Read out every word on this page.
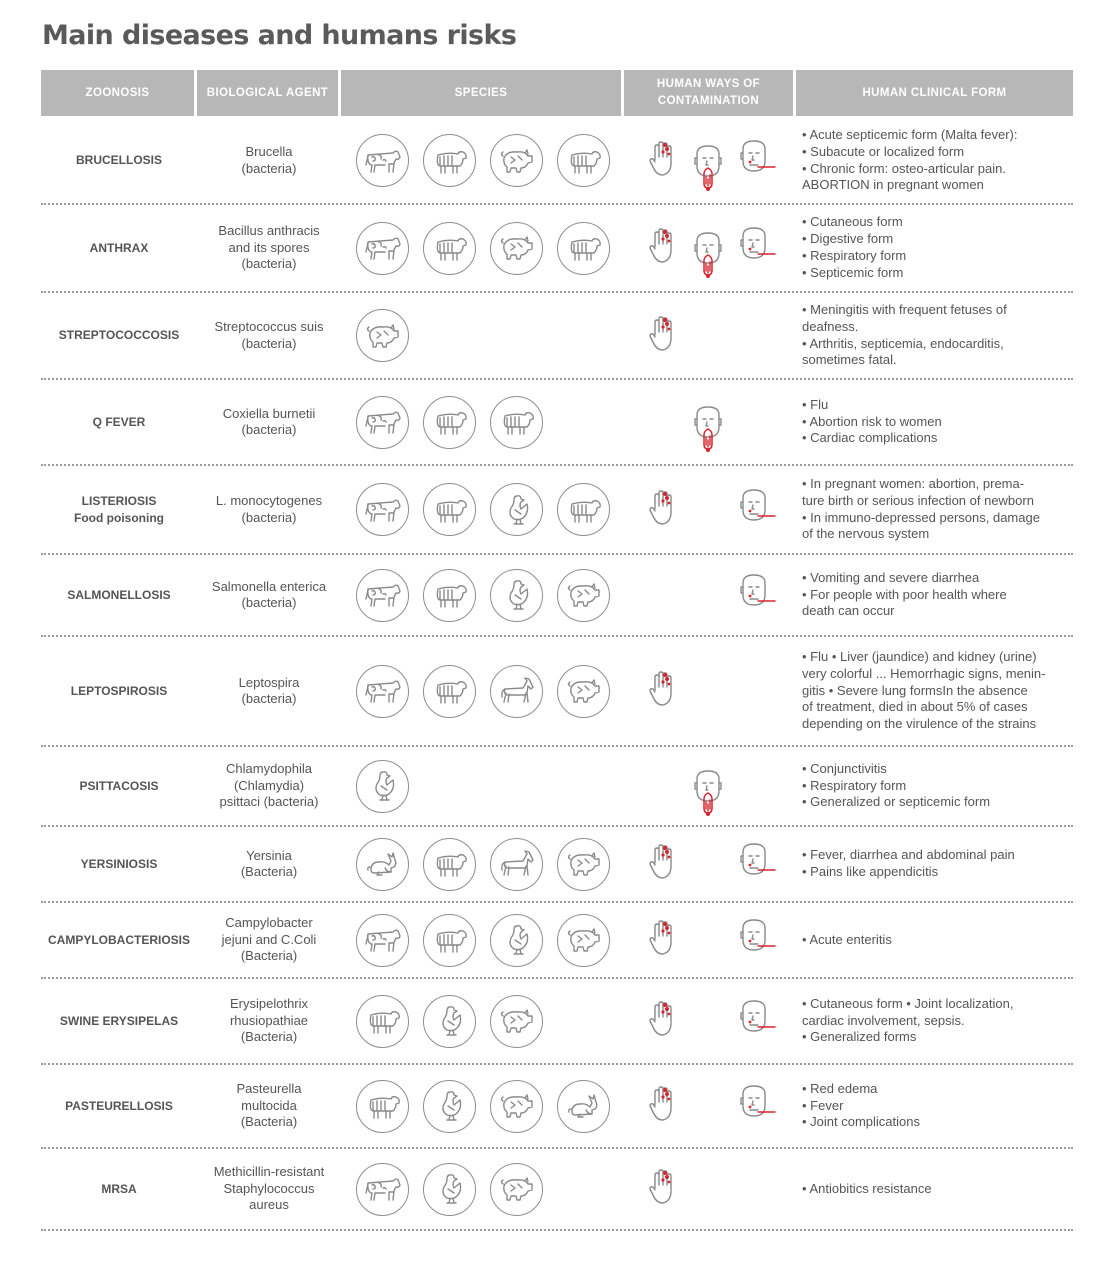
Main diseases and humans risks
ZOONOSIS	BIOLOGICAL AGENT	SPECIES
HUMAN WAYS OF
CONTAMINATION
HUMAN CLINICAL FORM
BRUCELLOSIS
Brucella
(bacteria)
• Acute septicemic form (Malta fever):
• Subacute or localized form
• Chronic form: osteo-articular pain.
ABORTION in pregnant women
ANTHRAX
Bacillus anthracis
and its spores
(bacteria)
• Cutaneous form
• Digestive form
• Respiratory form
• Septicemic form
STREPTOCOCCOSIS
Streptococcus suis
(bacteria)
• Meningitis with frequent fetuses of
deafness.
• Arthritis, septicemia, endocarditis,
sometimes fatal.
Q FEVER
Coxiella burnetii
(bacteria)
• Flu
• Abortion risk to women
• Cardiac complications
LISTERIOSIS
Food poisoning
L. monocytogenes
(bacteria)
• In pregnant women: abortion, prema-
ture birth or serious infection of newborn
• In immuno-depressed persons, damage
of the nervous system
SALMONELLOSIS
Salmonella enterica
(bacteria)
• Vomiting and severe diarrhea
• For people with poor health where
death can occur
LEPTOSPIROSIS
Leptospira
(bacteria)
• Flu • Liver (jaundice) and kidney (urine)
very colorful ... Hemorrhagic signs, menin-
gitis • Severe lung formsIn the absence
of treatment, died in about 5% of cases
depending on the virulence of the strains
PSITTACOSIS
Chlamydophila
(Chlamydia)
psittaci (bacteria)
• Conjunctivitis
• Respiratory form
• Generalized or septicemic form
YERSINIOSIS
Yersinia
(Bacteria)
• Fever, diarrhea and abdominal pain
• Pains like appendicitis
CAMPYLOBACTERIOSIS
Campylobacter
jejuni and C.Coli
(Bacteria)
• Acute enteritis
SWINE ERYSIPELAS
Erysipelothrix
rhusiopathiae
(Bacteria)
• Cutaneous form • Joint localization,
cardiac involvement, sepsis.
• Generalized forms
PASTEURELLOSIS
Pasteurella
multocida
(Bacteria)
• Red edema
• Fever
• Joint complications
MRSA
Methicillin-resistant
Staphylococcus
aureus
• Antiobitics resistance
